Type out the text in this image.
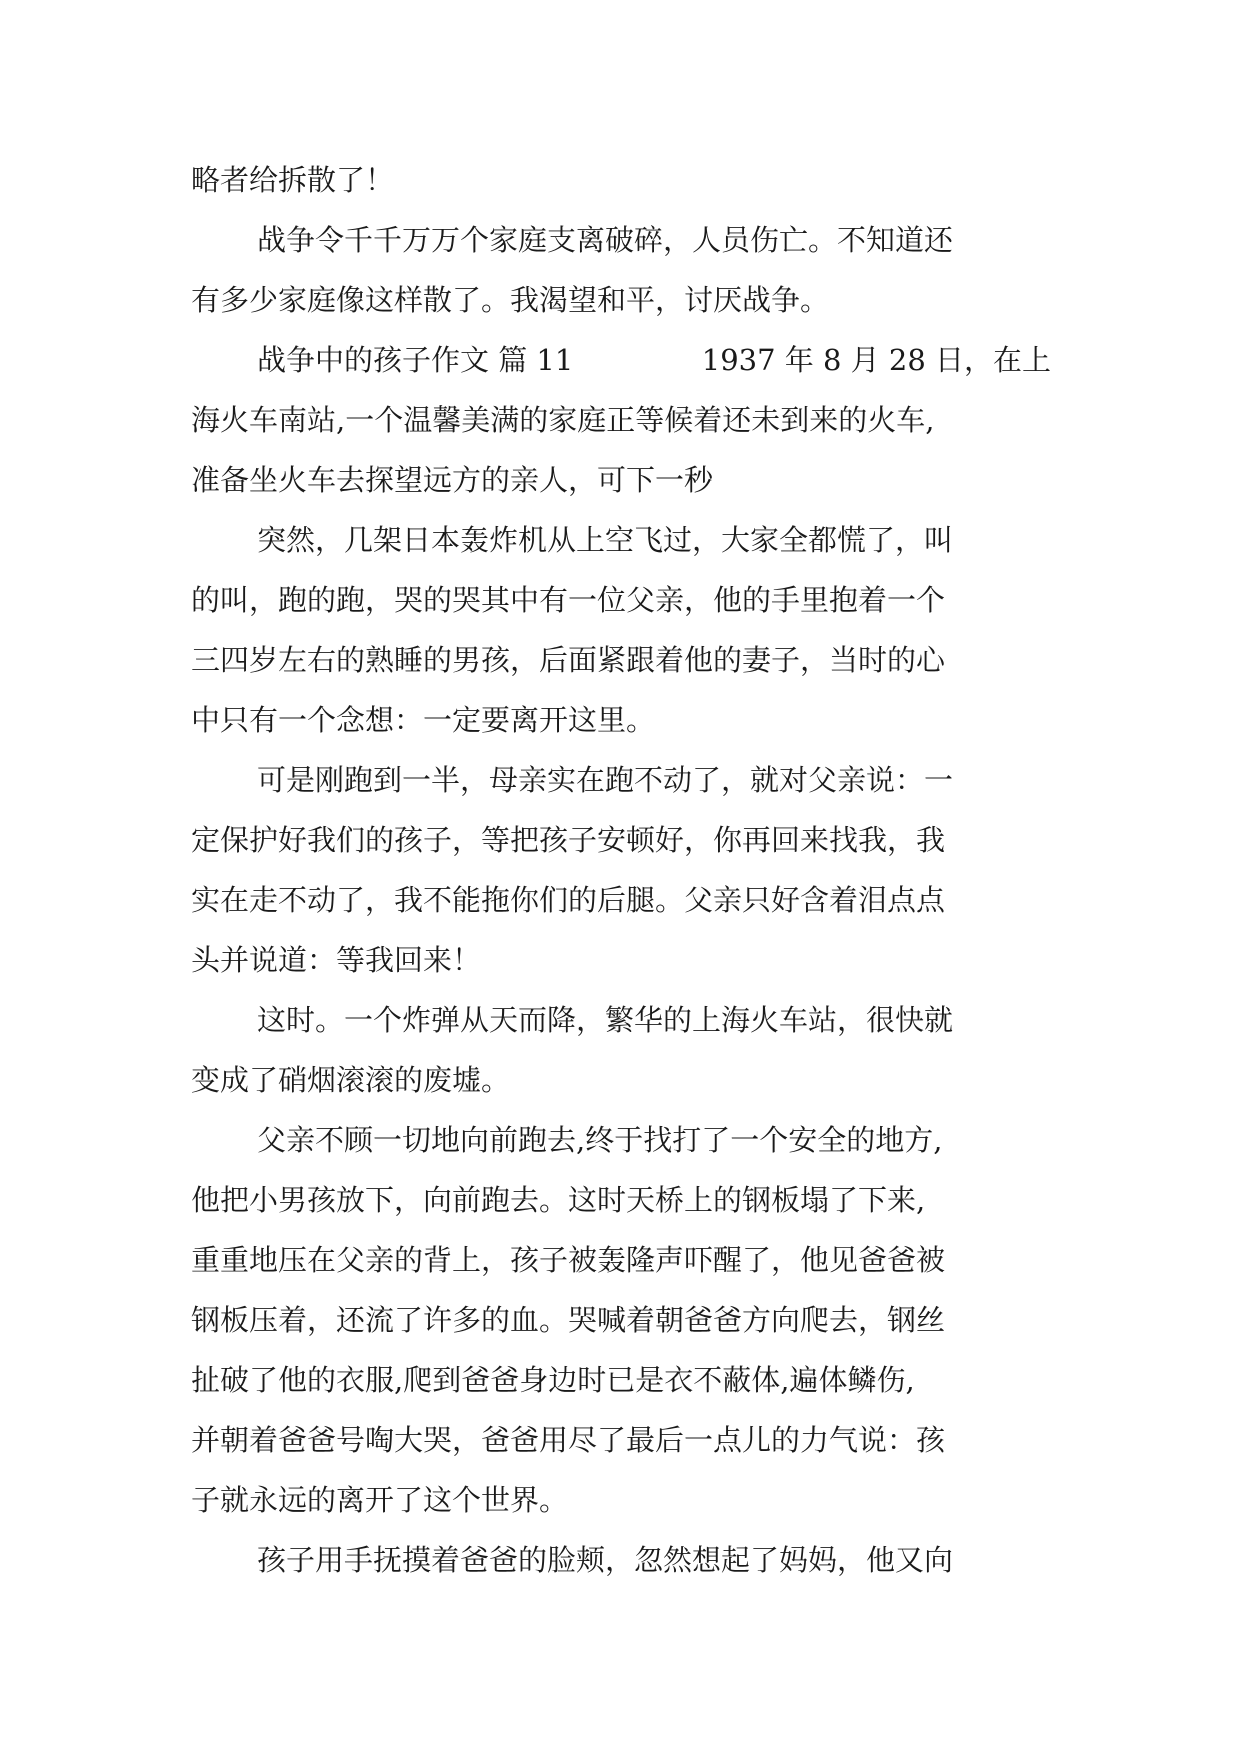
略者给拆散了！
战争令千千万万个家庭支离破碎，人员伤亡。不知道还
有多少家庭像这样散了。我渴望和平，讨厌战争。
战争中的孩子作文 篇 11	1937 年 8 月 28 日，在上
海火车南站,一个温馨美满的家庭正等候着还未到来的火车,
准备坐火车去探望远方的亲人，可下一秒
突然，几架日本轰炸机从上空飞过，大家全都慌了，叫
的叫，跑的跑，哭的哭其中有一位父亲，他的手里抱着一个
三四岁左右的熟睡的男孩，后面紧跟着他的妻子，当时的心
中只有一个念想：一定要离开这里。
可是刚跑到一半，母亲实在跑不动了，就对父亲说：一
定保护好我们的孩子，等把孩子安顿好，你再回来找我，我
实在走不动了，我不能拖你们的后腿。父亲只好含着泪点点
头并说道：等我回来！
这时。一个炸弹从天而降，繁华的上海火车站，很快就
变成了硝烟滚滚的废墟。
父亲不顾一切地向前跑去,终于找打了一个安全的地方,
他把小男孩放下，向前跑去。这时天桥上的钢板塌了下来,
重重地压在父亲的背上，孩子被轰隆声吓醒了，他见爸爸被
钢板压着，还流了许多的血。哭喊着朝爸爸方向爬去，钢丝
扯破了他的衣服,爬到爸爸身边时已是衣不蔽体,遍体鳞伤,
并朝着爸爸号啕大哭，爸爸用尽了最后一点儿的力气说：孩
子就永远的离开了这个世界。
孩子用手抚摸着爸爸的脸颊，忽然想起了妈妈，他又向
